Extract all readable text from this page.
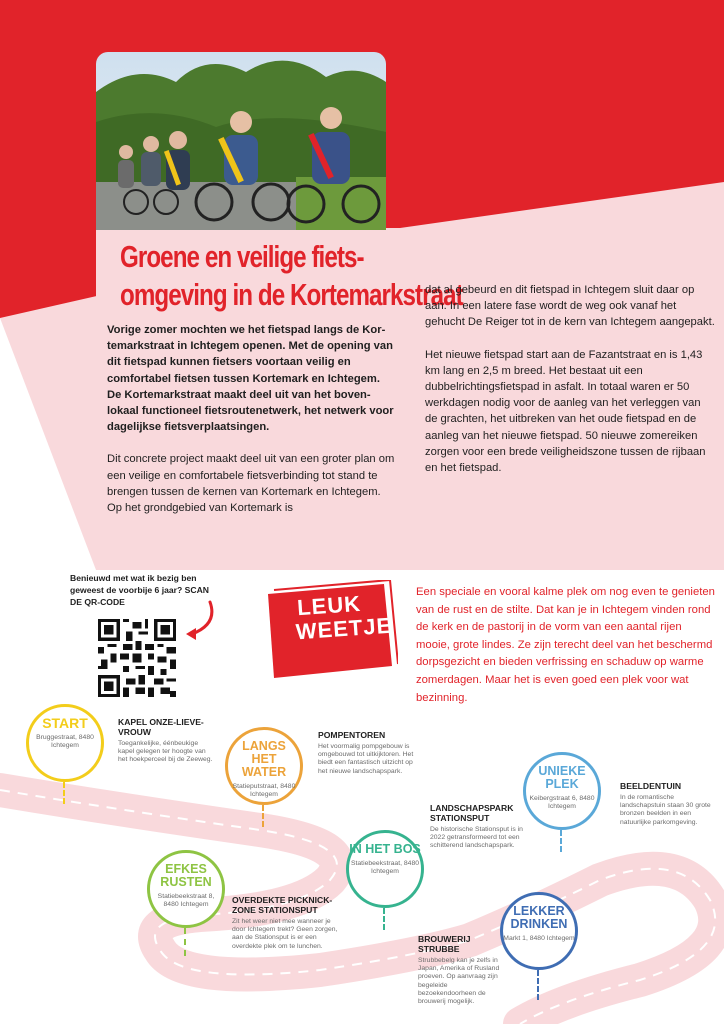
Groene en veilige fiets-
omgeving in de Kortemarkstraat

Vorige zomer mochten we het fietspad langs de Kortemarkstraat in Ichtegem openen. Met de opening van dit fietspad kunnen fietsers voortaan veilig en comfortabel fietsen tussen Kortemark en Ichtegem. De Kortemarkstraat maakt deel uit van het bovenlokaal functioneel fietsroutenetwerk, het netwerk voor dagelijkse fietsverplaatsingen.

Dit concrete project maakt deel uit van een groter plan om een veilige en comfortabele fietsverbinding tot stand te brengen tussen de kernen van Kortemark en Ichtegem. Op het grondgebied van Kortemark is

dat al gebeurd en dit fietspad in Ichtegem sluit daar op aan. In een latere fase wordt de weg ook vanaf het gehucht De Reiger tot in de kern van Ichtegem aangepakt.

Het nieuwe fietspad start aan de Fazantstraat en is 1,43 km lang en 2,5 m breed. Het bestaat uit een dubbelrichtingsfietspad in asfalt. In totaal waren er 50 werkdagen nodig voor de aanleg van het verleggen van de grachten, het uitbreken van het oude fietspad en de aanleg van het nieuwe fietspad. 50 nieuwe zomereiken zorgen voor een brede veiligheidszone tussen de rijbaan en het fietspad.

Benieuwd met wat ik bezig ben geweest de voorbije 6 jaar? SCAN DE QR-CODE	LEUK
WEETJE

Een speciale en vooral kalme plek om nog even te genieten van de rust en de stilte. Dat kan je in Ichtegem vinden rond de kerk en de pastorij in de vorm van een aantal rijen mooie, grote lindes. Ze zijn terecht deel van het beschermd dorpsgezicht en bieden verfrissing en schaduw op warme zomerdagen. Maar het is even goed een plek voor wat bezinning.

START
Bruggestraat, 8480 Ichtegem	LANGS HET WATER
Statieputstraat, 8480 Ichtegem
EFKES RUSTEN
Statiebeekstraat 8, 8480 Ichtegem
IN HET BOS
Statiebeekstraat, 8480 Ichtegem
UNIEKE PLEK
Keibergstraat 6, 8480 Ichtegem
LEKKER DRINKEN
Markt 1, 8480 Ichtegem
KAPEL ONZE-LIEVE-VROUW
Toegankelijke, éénbeukige kapel gelegen ter hoogte van het hoekperceel bij de Zeeweg.
POMPENTOREN
Het voormalig pompgebouw is omgebouwd tot uitkijktoren. Het biedt een fantastisch uitzicht op het nieuwe landschapspark.
LANDSCHAPSPARK STATIONSPUT
De historische Stationsput is in 2022 getransformeerd tot een schitterend landschapspark.
BEELDENTUIN
In de romantische landschapstuin staan 30 grote bronzen beelden in een natuurlijke parkomgeving.
OVERDEKTE PICKNICKZONE STATIONSPUT
Zit het weer niet mee wanneer je door Ichtegem trekt? Geen zorgen, aan de Stationsput is er een overdekte plek om te lunchen.
BROUWERIJ STRUBBE
Strubbebelg kan je zelfs in Japan, Amerika of Rusland proeven. Op aanvraag zijn begeleide bezoekendoorheen de brouwerij mogelijk.
